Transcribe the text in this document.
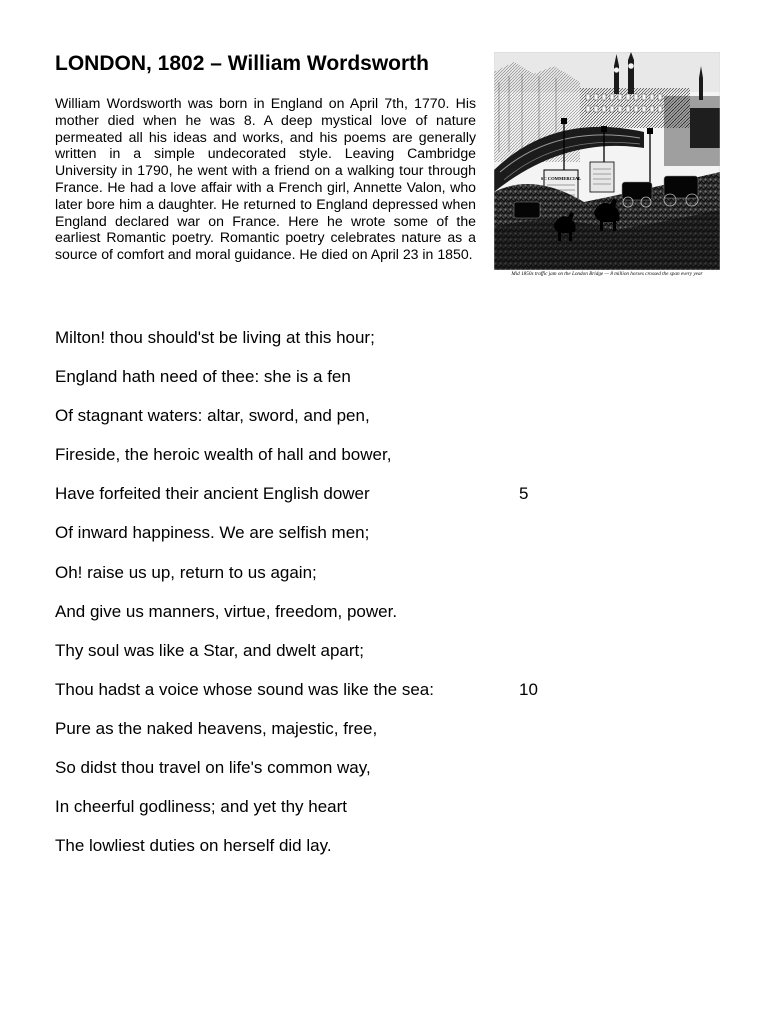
LONDON, 1802 – William Wordsworth

William Wordsworth was born in England on April 7th, 1770. His mother died when he was 8. A deep mystical love of nature permeated all his ideas and works, and his poems are generally written in a simple undecorated style. Leaving Cambridge University in 1790, he went with a friend on a walking tour through France. He had a love affair with a French girl, Annette Valon, who later bore him a daughter. He returned to England depressed when England declared war on France. Here he wrote some of the earliest Romantic poetry. Romantic poetry celebrates nature as a source of comfort and moral guidance. He died on April 23 in 1850.

SC COMMERCIAL
Mid 1850s traffic jam on the London Bridge — 8 million horses crossed the span every year
Milton! thou should'st be living at this hour;
England hath need of thee: she is a fen
Of stagnant waters: altar, sword, and pen,
Fireside, the heroic wealth of hall and bower,
Have forfeited their ancient English dower	5
Of inward happiness. We are selfish men;
Oh! raise us up, return to us again;
And give us manners, virtue, freedom, power.
Thy soul was like a Star, and dwelt apart;
Thou hadst a voice whose sound was like the sea:	10
Pure as the naked heavens, majestic, free,
So didst thou travel on life's common way,
In cheerful godliness; and yet thy heart
The lowliest duties on herself did lay.
